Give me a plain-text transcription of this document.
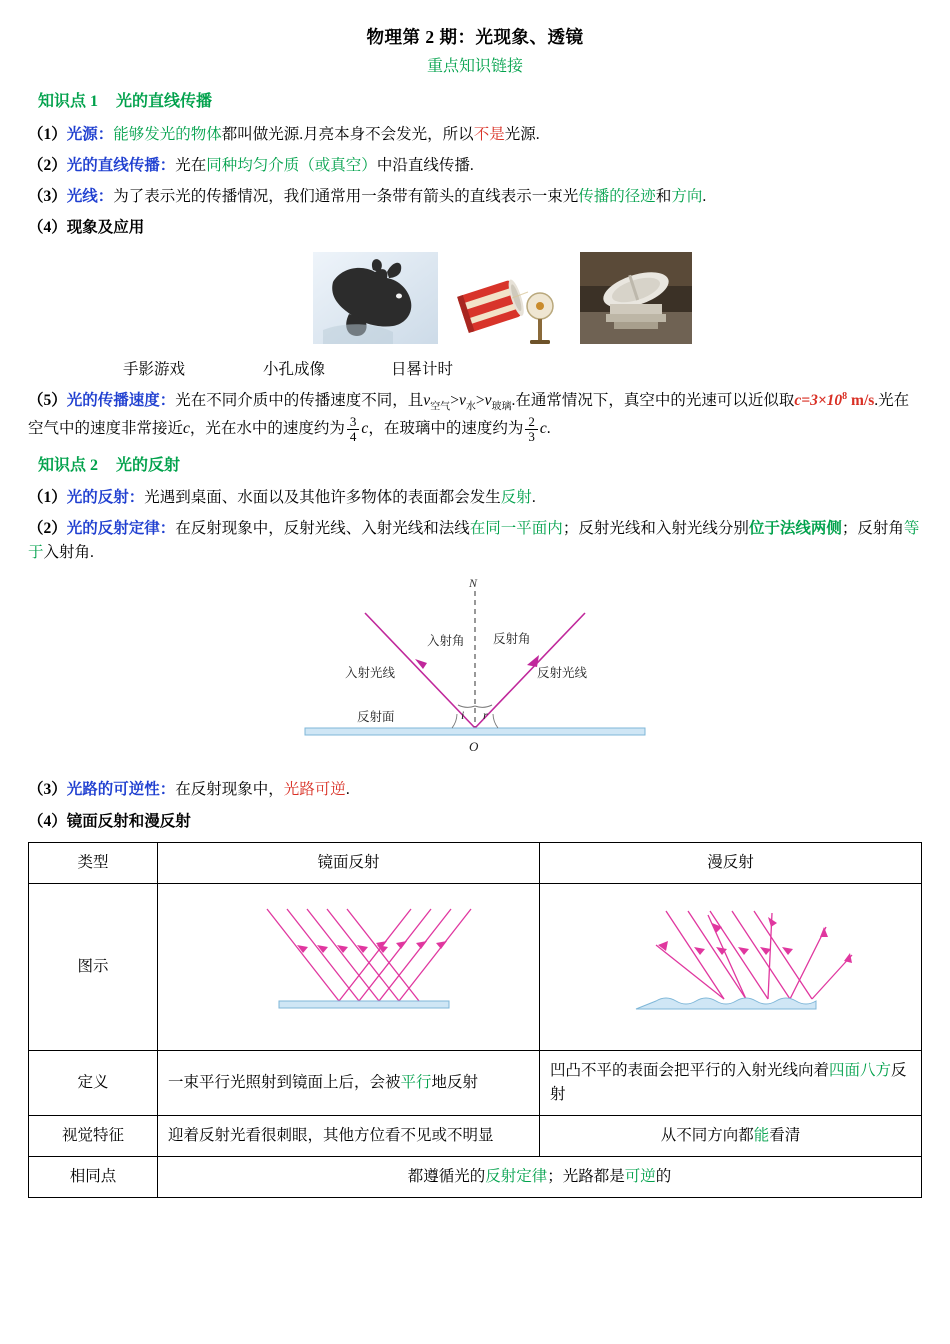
物理第 2 期：光现象、透镜
重点知识链接
知识点 1 光的直线传播
（1）光源：能够发光的物体都叫做光源.月亮本身不会发光，所以不是光源.
（2）光的直线传播：光在同种均匀介质（或真空）中沿直线传播.
（3）光线：为了表示光的传播情况，我们通常用一条带有箭头的直线表示一束光传播的径迹和方向.
（4）现象及应用
手影游戏	小孔成像	日晷计时
（5）光的传播速度：光在不同介质中的传播速度不同，且$v_{空气}>v_水>v_{玻璃}$.在通常情况下，真空中的光速可以近似取$c=3\times 10^8$ m/s.光在空气中的速度非常接近c，光在水中的速度约为 $\frac{3}{4}$ c，在玻璃中的速度约为 $\frac{2}{3} c$.
知识点 2 光的反射
（1）光的反射：光遇到桌面、水面以及其他许多物体的表面都会发生反射.
（2）光的反射定律：在反射现象中，反射光线、入射光线和法线在同一平面内；反射光线和入射光线分别位于法线两侧；反射角等于入射角.
N
i r
O
入射角 反射角
入射光线	反射光线
反射面
（3）光路的可逆性：在反射现象中，光路可逆.
（4）镜面反射和漫反射
类型	镜面反射	漫反射
图示		
定义	一束平行光照射到镜面上后，会被平行地反射	凹凸不平的表面会把平行的入射光线向着四面八方反射
视觉特征	迎着反射光看很刺眼，其他方位看不见或不明显	从不同方向都能看清
相同点	都遵循光的反射定律；光路都是可逆的	
